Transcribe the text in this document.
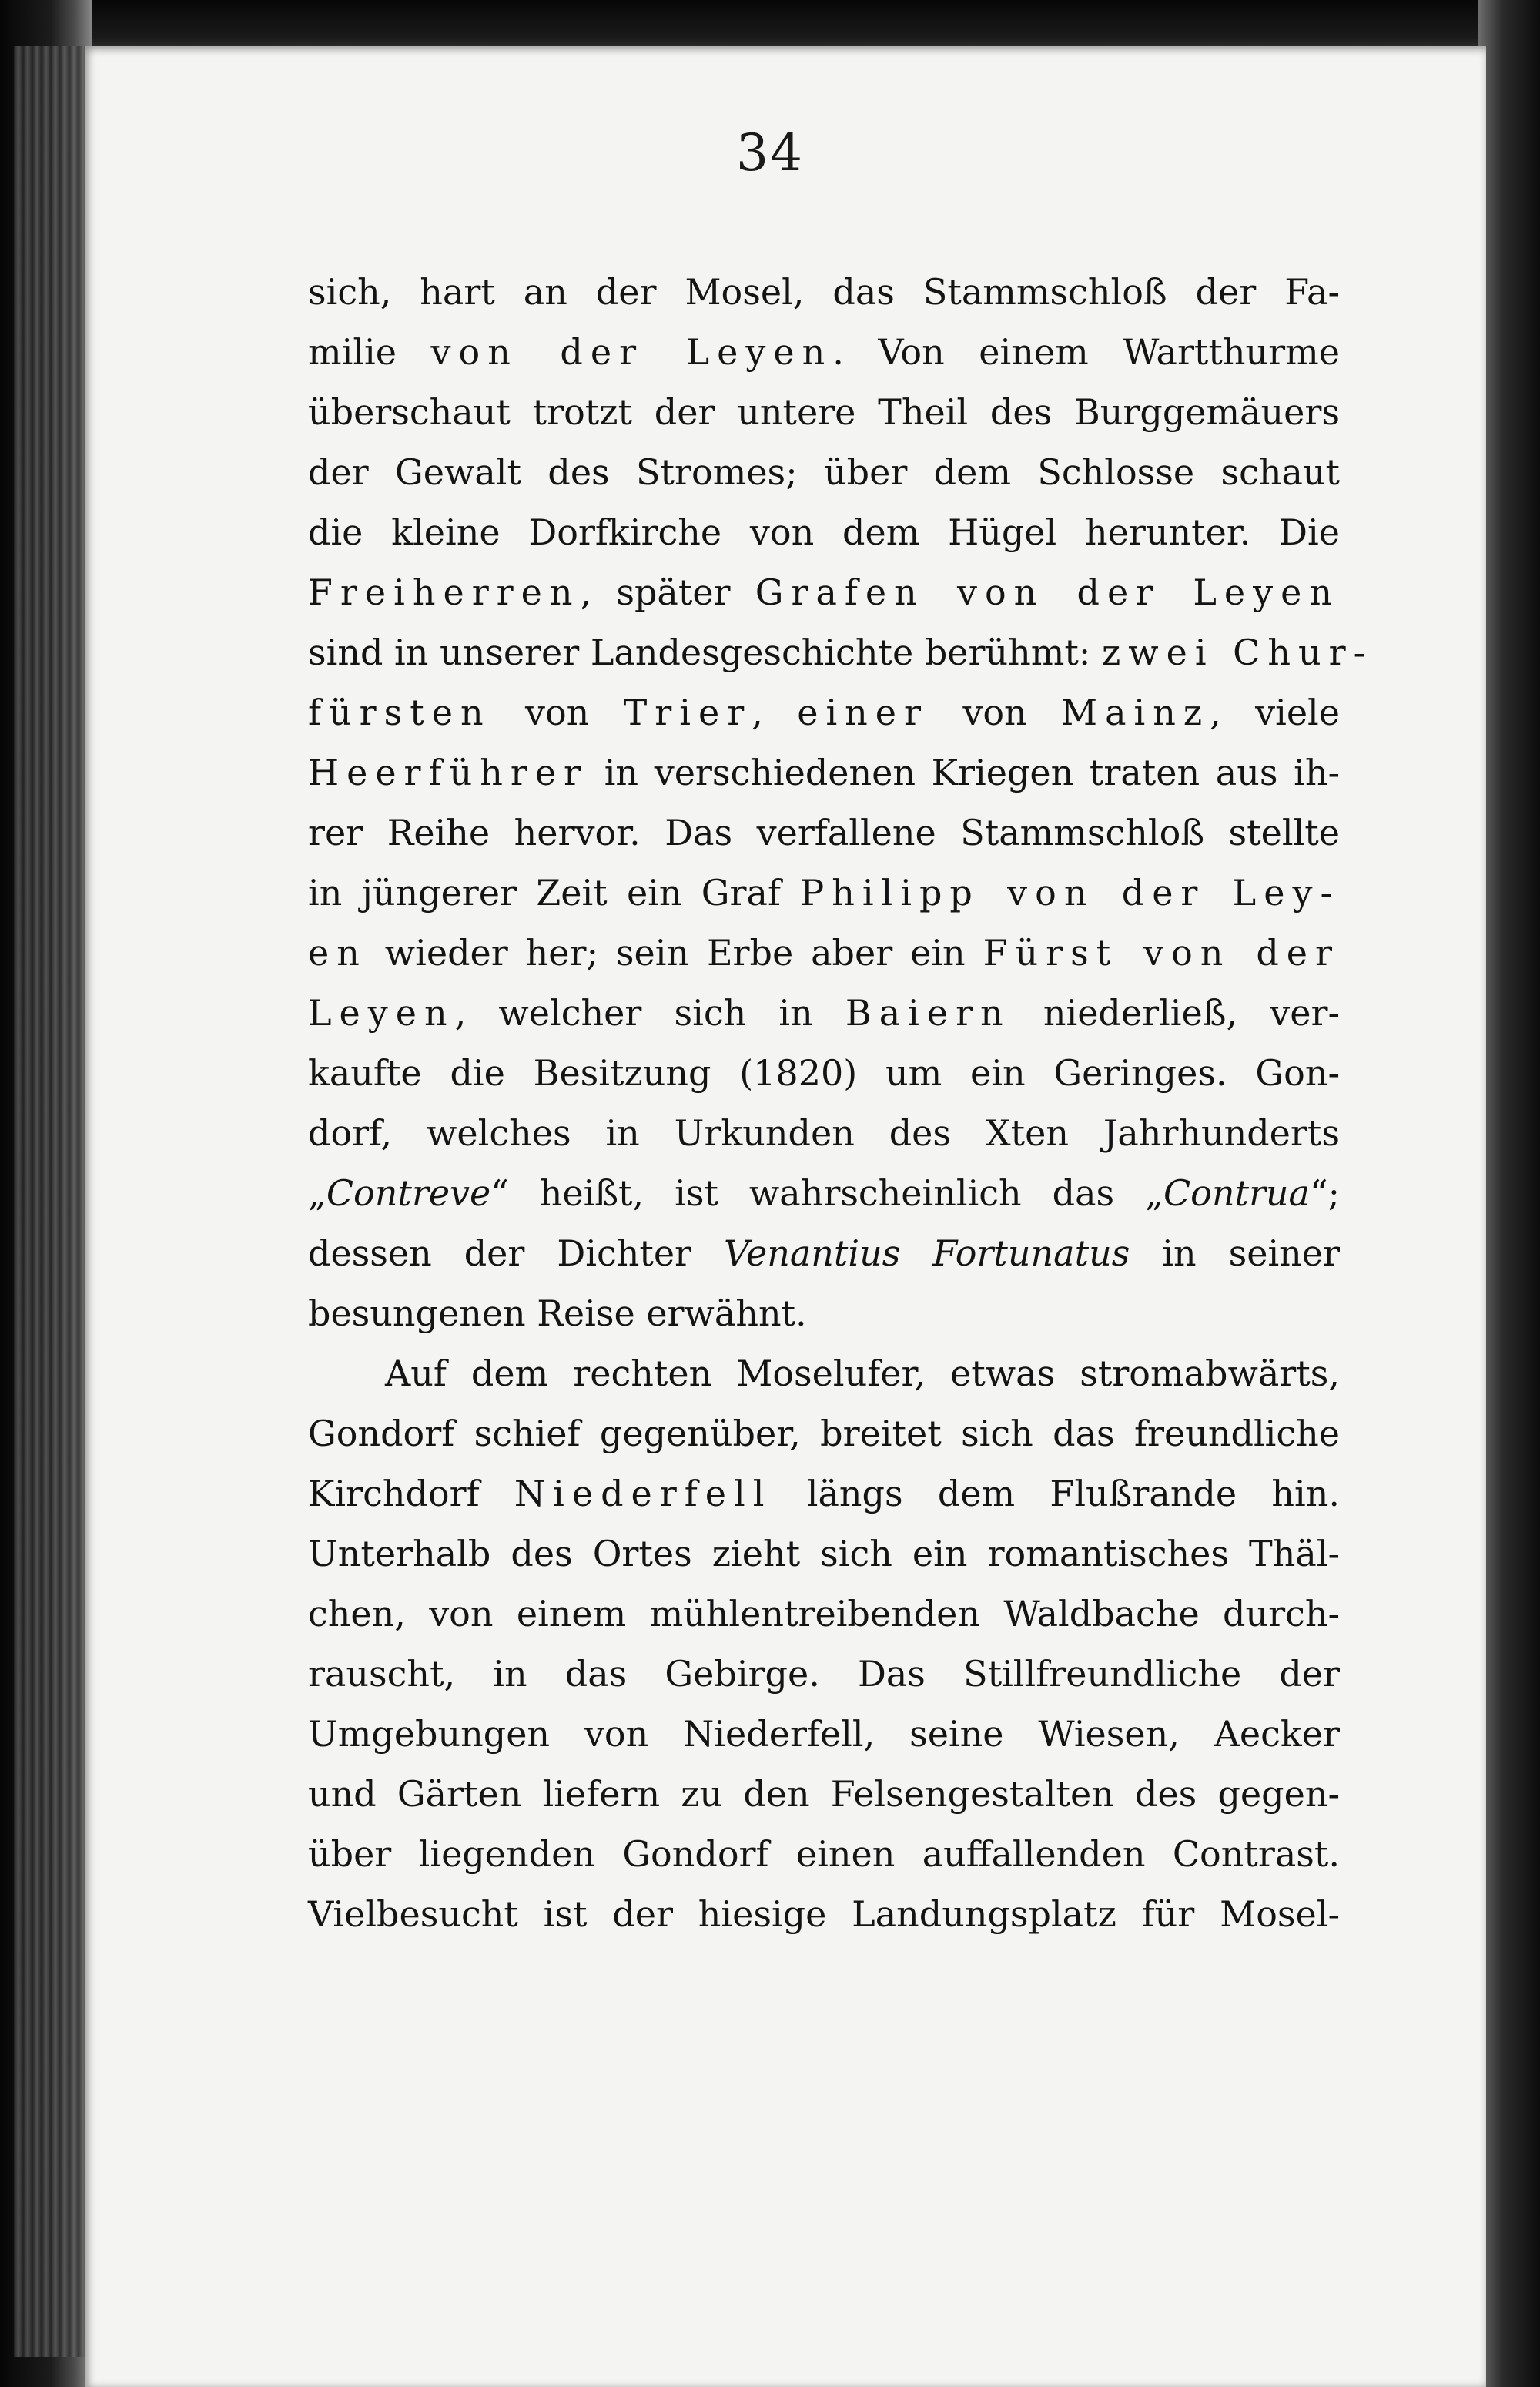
34
sich, hart an der Mosel, das Stammschloß der Fa-
milie von der Leyen. Von einem Wartthurme
überschaut trotzt der untere Theil des Burggemäuers
der Gewalt des Stromes; über dem Schlosse schaut
die kleine Dorfkirche von dem Hügel herunter. Die
Freiherren, später Grafen von der Leyen
sind in unserer Landesgeschichte berühmt: zwei Chur-
fürsten von Trier, einer von Mainz, viele
Heerführer in verschiedenen Kriegen traten aus ih-
rer Reihe hervor. Das verfallene Stammschloß stellte
in jüngerer Zeit ein Graf Philipp von der Ley-
en wieder her; sein Erbe aber ein Fürst von der
Leyen, welcher sich in Baiern niederließ, ver-
kaufte die Besitzung (1820) um ein Geringes. Gon-
dorf, welches in Urkunden des Xten Jahrhunderts
„Contreve“ heißt, ist wahrscheinlich das „Contrua“;
dessen der Dichter Venantius Fortunatus in seiner
besungenen Reise erwähnt.
Auf dem rechten Moselufer, etwas stromabwärts,
Gondorf schief gegenüber, breitet sich das freundliche
Kirchdorf Niederfell längs dem Flußrande hin.
Unterhalb des Ortes zieht sich ein romantisches Thäl-
chen, von einem mühlentreibenden Waldbache durch-
rauscht, in das Gebirge. Das Stillfreundliche der
Umgebungen von Niederfell, seine Wiesen, Aecker
und Gärten liefern zu den Felsengestalten des gegen-
über liegenden Gondorf einen auffallenden Contrast.
Vielbesucht ist der hiesige Landungsplatz für Mosel-
